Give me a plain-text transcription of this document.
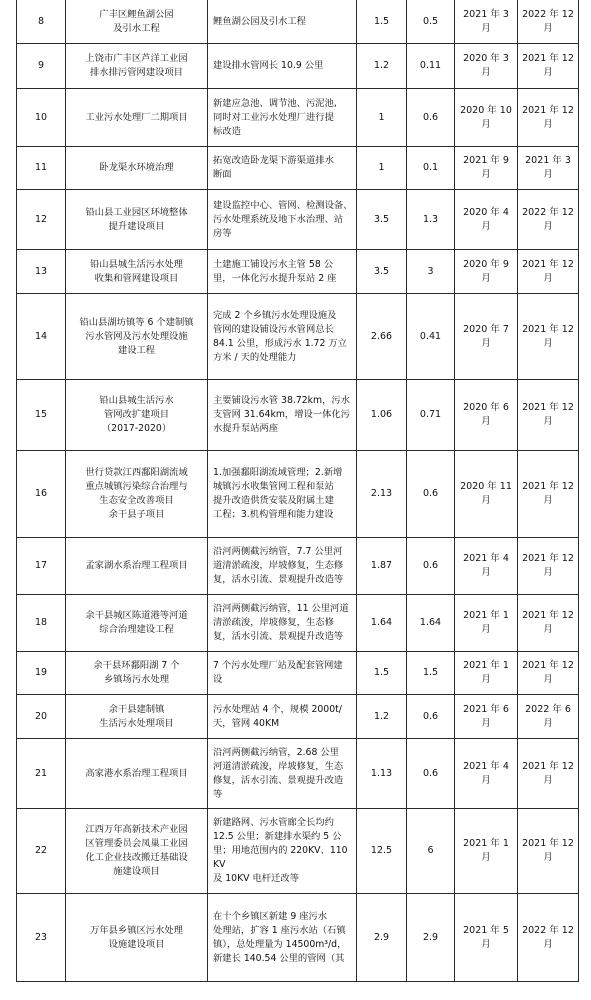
8	广丰区鲤鱼湖公园
及引水工程	鲤鱼湖公园及引水工程	1.5	0.5	2021 年 3 月	2022 年 12 月
9	上饶市广丰区芦洋工业园
排水排污管网建设项目	建设排水管网长 10.9 公里	1.2	0.11	2020 年 3 月	2021 年 12 月
10	工业污水处理厂二期项目	新建应急池、调节池、污泥池,
同时对工业污水处理厂进行提
标改造	1	0.6	2020 年 10 月	2021 年 12 月
11	卧龙渠水环境治理	拓宽改造卧龙渠下游渠道排水
断面	1	0.1	2021 年 9 月	2021 年 3 月
12	铅山县工业园区环境整体
提升建设项目	建设监控中心、管网、检测设备、
污水处理系统及地下水治理、站
房等	3.5	1.3	2020 年 4 月	2022 年 12 月
13	铅山县城生活污水处理
收集和管网建设项目	土建施工铺设污水主管 58 公
里，一体化污水提升泵站 2 座	3.5	3	2020 年 9 月	2021 年 12 月
14	铅山县湖坊镇等 6 个建制镇
污水管网及污水处理设施
建设工程	完成 2 个乡镇污水处理设施及
管网的建设铺设污水管网总长
84.1 公里，形成污水 1.72 万立
方米 / 天的处理能力	2.66	0.41	2020 年 7 月	2021 年 12 月
15	铅山县城生活污水
管网改扩建项目
（2017-2020）	主要铺设污水管 38.72km，污水
支管网 31.64km，增设一体化污
水提升泵站两座	1.06	0.71	2020 年 6 月	2021 年 12 月
16	世行贷款江西鄱阳湖流域
重点城镇污染综合治理与
生态安全改善项目
余干县子项目	1.加强鄱阳湖流域管理；2.新增
城镇污水收集管网工程和泵站
提升改造供货安装及附属土建
工程；3.机构管理和能力建设	2.13	0.6	2020 年 11 月	2021 年 12 月
17	孟家湖水系治理工程项目	沿河两侧截污纳管，7.7 公里河
道清淤疏浚，岸坡修复，生态修
复，活水引流、景观提升改造等	1.87	0.6	2021 年 4 月	2021 年 12 月
18	余干县城区陈道港等河道
综合治理建设工程	沿河两侧截污纳管，11 公里河道
清淤疏浚，岸坡修复，生态修
复，活水引流、景观提升改造等	1.64	1.64	2021 年 1 月	2021 年 12 月
19	余干县环鄱阳湖 7 个
乡镇场污水处理	7 个污水处理厂站及配套管网建
设	1.5	1.5	2021 年 1 月	2021 年 12 月
20	余干县建制镇
生活污水处理项目	污水处理站 4 个，规模 2000t/
天，管网 40KM	1.2	0.6	2021 年 6 月	2022 年 6 月
21	高家港水系治理工程项目	沿河两侧截污纳管，2.68 公里
河道清淤疏浚，岸坡修复，生态
修复，活水引流、景观提升改造
等	1.13	0.6	2021 年 4 月	2021 年 12 月
22	江西万年高新技术产业园
区管理委员会凤巢工业园
化工企业技改搬迁基础设
施建设项目	新建路网、污水管廊全长均约
12.5 公里；新建排水渠约 5 公
里；用地范围内的 220KV、110KV
及 10KV 电杆迁改等	12.5	6	2021 年 1 月	2021 年 12 月
23	万年县乡镇区污水处理
设施建设项目	在十个乡镇区新建 9 座污水
处理站，扩容 1 座污水站（石镇
镇），总处理量为 14500m³/d，
新建长 140.54 公里的管网（其	2.9	2.9	2021 年 5 月	2022 年 12 月
